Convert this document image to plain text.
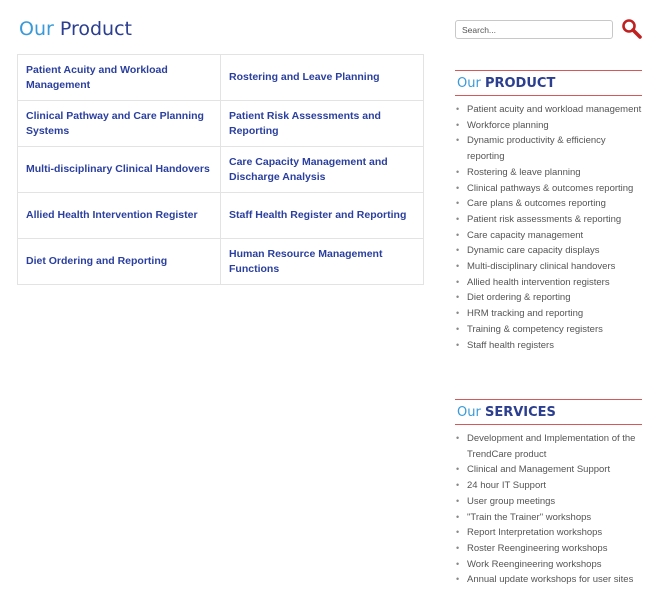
Our Product
Patient Acuity and Workload Management	Rostering and Leave Planning
Clinical Pathway and Care Planning Systems	Patient Risk Assessments and Reporting
Multi-disciplinary Clinical Handovers	Care Capacity Management and Discharge Analysis
Allied Health Intervention Register	Staff Health Register and Reporting
Diet Ordering and Reporting	Human Resource Management Functions
Search...
Our PRODUCT
• Patient acuity and workload management
• Workforce planning
• Dynamic productivity & efficiency reporting
• Rostering & leave planning
• Clinical pathways & outcomes reporting
• Care plans & outcomes reporting
• Patient risk assessments & reporting
• Care capacity management
• Dynamic care capacity displays
• Multi-disciplinary clinical handovers
• Allied health intervention registers
• Diet ordering & reporting
• HRM tracking and reporting
• Training & competency registers
• Staff health registers
Our SERVICES
• Development and Implementation of the TrendCare product
• Clinical and Management Support
• 24 hour IT Support
• User group meetings
• "Train the Trainer" workshops
• Report Interpretation workshops
• Roster Reengineering workshops
• Work Reengineering workshops
• Annual update workshops for user sites
